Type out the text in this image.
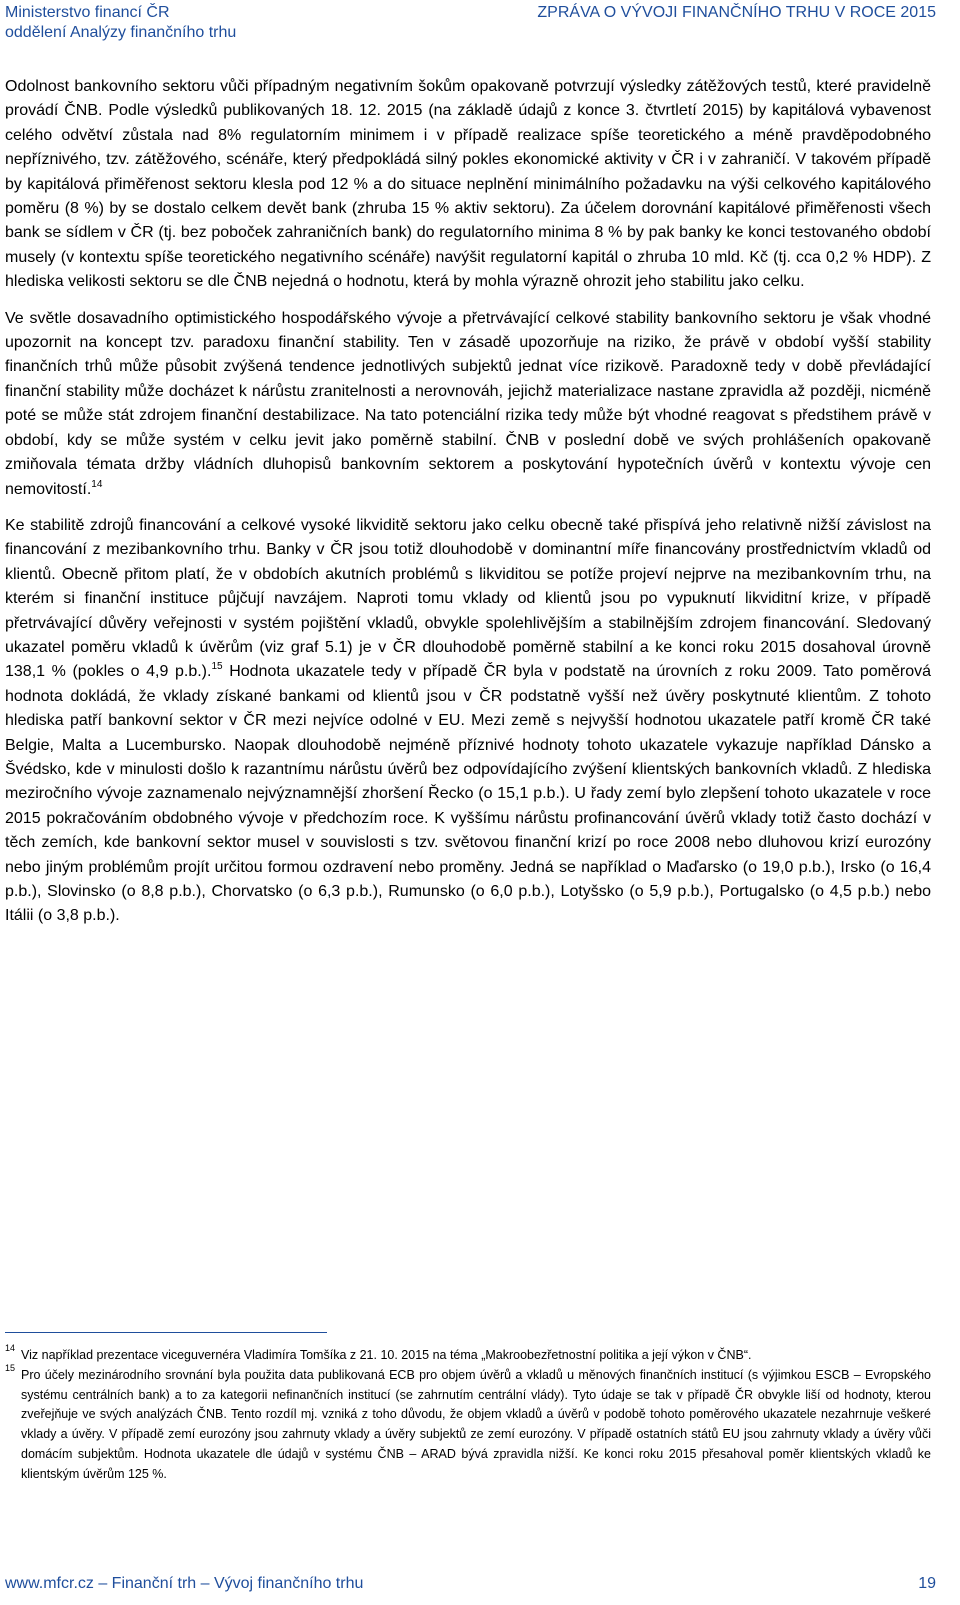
Ministerstvo financí ČR
oddělení Analýzy finančního trhu
ZPRÁVA O VÝVOJI FINANČNÍHO TRHU V ROCE 2015

Odolnost bankovního sektoru vůči případným negativním šokům opakovaně potvrzují výsledky zátěžových testů, které pravidelně provádí ČNB. Podle výsledků publikovaných 18. 12. 2015 (na základě údajů z konce 3. čtvrtletí 2015) by kapitálová vybavenost celého odvětví zůstala nad 8% regulatorním minimem i v případě realizace spíše teoretického a méně pravděpodobného nepříznivého, tzv. zátěžového, scénáře, který předpokládá silný pokles ekonomické aktivity v ČR i v zahraničí. V takovém případě by kapitálová přiměřenost sektoru klesla pod 12 % a do situace neplnění minimálního požadavku na výši celkového kapitálového poměru (8 %) by se dostalo celkem devět bank (zhruba 15 % aktiv sektoru). Za účelem dorovnání kapitálové přiměřenosti všech bank se sídlem v ČR (tj. bez poboček zahraničních bank) do regulatorního minima 8 % by pak banky ke konci testovaného období musely (v kontextu spíše teoretického negativního scénáře) navýšit regulatorní kapitál o zhruba 10 mld. Kč (tj. cca 0,2 % HDP). Z hlediska velikosti sektoru se dle ČNB nejedná o hodnotu, která by mohla výrazně ohrozit jeho stabilitu jako celku.

Ve světle dosavadního optimistického hospodářského vývoje a přetrvávající celkové stability bankovního sektoru je však vhodné upozornit na koncept tzv. paradoxu finanční stability. Ten v zásadě upozorňuje na riziko, že právě v období vyšší stability finančních trhů může působit zvýšená tendence jednotlivých subjektů jednat více rizikově. Paradoxně tedy v době převládající finanční stability může docházet k nárůstu zranitelnosti a nerovnováh, jejichž materializace nastane zpravidla až později, nicméně poté se může stát zdrojem finanční destabilizace. Na tato potenciální rizika tedy může být vhodné reagovat s předstihem právě v období, kdy se může systém v celku jevit jako poměrně stabilní. ČNB v poslední době ve svých prohlášeních opakovaně zmiňovala témata držby vládních dluhopisů bankovním sektorem a poskytování hypotečních úvěrů v kontextu vývoje cen nemovitostí.$^{14}$

Ke stabilitě zdrojů financování a celkové vysoké likviditě sektoru jako celku obecně také přispívá jeho relativně nižší závislost na financování z mezibankovního trhu. Banky v ČR jsou totiž dlouhodobě v dominantní míře financovány prostřednictvím vkladů od klientů. Obecně přitom platí, že v obdobích akutních problémů s likviditou se potíže projeví nejprve na mezibankovním trhu, na kterém si finanční instituce půjčují navzájem. Naproti tomu vklady od klientů jsou po vypuknutí likviditní krize, v případě přetrvávající důvěry veřejnosti v systém pojištění vkladů, obvykle spolehlivějším a stabilnějším zdrojem financování. Sledovaný ukazatel poměru vkladů k úvěrům (viz graf 5.1) je v ČR dlouhodobě poměrně stabilní a ke konci roku 2015 dosahoval úrovně 138,1 % (pokles o 4,9 p.b.).$^{15}$ Hodnota ukazatele tedy v případě ČR byla v podstatě na úrovních z roku 2009. Tato poměrová hodnota dokládá, že vklady získané bankami od klientů jsou v ČR podstatně vyšší než úvěry poskytnuté klientům. Z tohoto hlediska patří bankovní sektor v ČR mezi nejvíce odolné v EU. Mezi země s nejvyšší hodnotou ukazatele patří kromě ČR také Belgie, Malta a Lucembursko. Naopak dlouhodobě nejméně příznivé hodnoty tohoto ukazatele vykazuje například Dánsko a Švédsko, kde v minulosti došlo k razantnímu nárůstu úvěrů bez odpovídajícího zvýšení klientských bankovních vkladů. Z hlediska meziročního vývoje zaznamenalo nejvýznamnější zhoršení Řecko (o 15,1 p.b.). U řady zemí bylo zlepšení tohoto ukazatele v roce 2015 pokračováním obdobného vývoje v předchozím roce. K vyššímu nárůstu profinancování úvěrů vklady totiž často dochází v těch zemích, kde bankovní sektor musel v souvislosti s tzv. světovou finanční krizí po roce 2008 nebo dluhovou krizí eurozóny nebo jiným problémům projít určitou formou ozdravení nebo proměny. Jedná se například o Maďarsko (o 19,0 p.b.), Irsko (o 16,4 p.b.), Slovinsko (o 8,8 p.b.), Chorvatsko (o 6,3 p.b.), Rumunsko (o 6,0 p.b.), Lotyšsko (o 5,9 p.b.), Portugalsko (o 4,5 p.b.) nebo Itálii (o 3,8 p.b.).

14 Viz například prezentace viceguvernéra Vladimíra Tomšíka z 21. 10. 2015 na téma „Makroobezřetnostní politika a její výkon v ČNB“.
15 Pro účely mezinárodního srovnání byla použita data publikovaná ECB pro objem úvěrů a vkladů u měnových finančních institucí (s výjimkou ESCB – Evropského systému centrálních bank) a to za kategorii nefinančních institucí (se zahrnutím centrální vlády). Tyto údaje se tak v případě ČR obvykle liší od hodnoty, kterou zveřejňuje ve svých analýzách ČNB. Tento rozdíl mj. vzniká z toho důvodu, že objem vkladů a úvěrů v podobě tohoto poměrového ukazatele nezahrnuje veškeré vklady a úvěry. V případě zemí eurozóny jsou zahrnuty vklady a úvěry subjektů ze zemí eurozóny. V případě ostatních států EU jsou zahrnuty vklady a úvěry vůči domácím subjektům. Hodnota ukazatele dle údajů v systému ČNB – ARAD bývá zpravidla nižší. Ke konci roku 2015 přesahoval poměr klientských vkladů ke klientským úvěrům 125 %.
www.mfcr.cz – Finanční trh – Vývoj finančního trhu	19
